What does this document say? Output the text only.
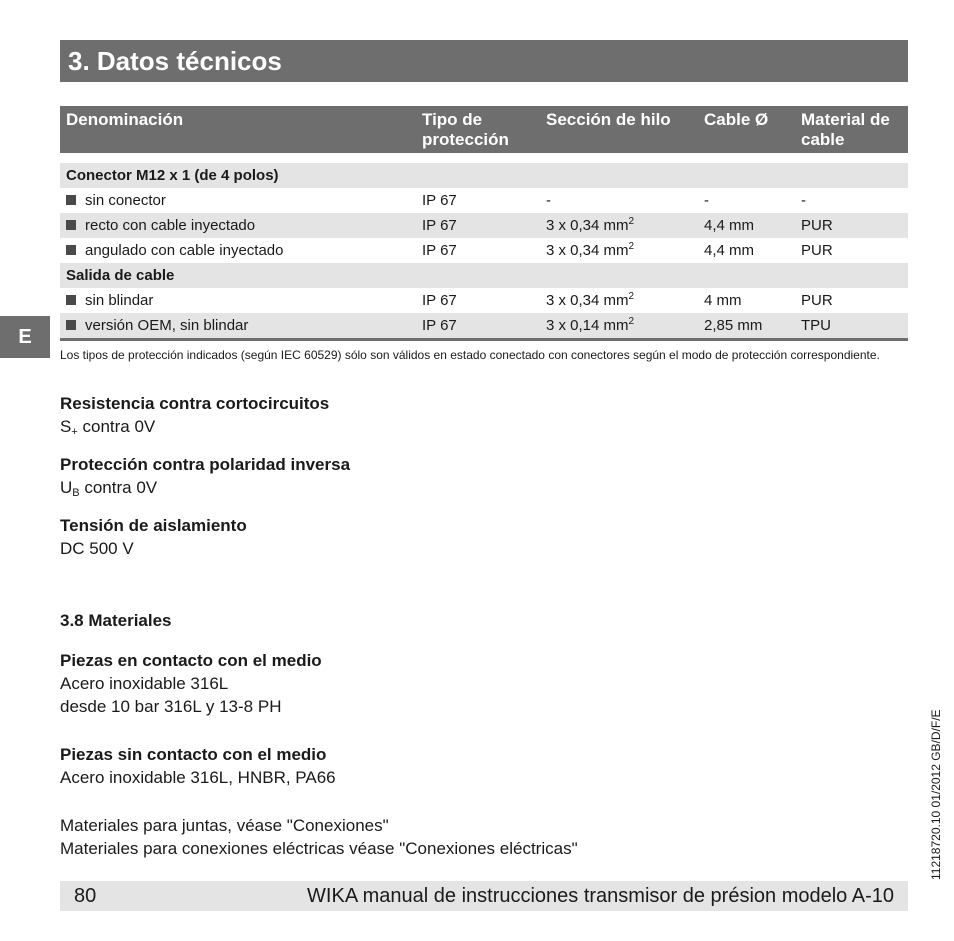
3. Datos técnicos
Denominación	Tipo de protección	Sección de hilo	Cable Ø	Material de cable

Conector M12 x 1 (de 4 polos)				
sin conector	IP 67	-	-	-
recto con cable inyectado	IP 67	3 x 0,34 $mm^2$	4,4 mm	PUR
angulado con cable inyectado	IP 67	3 x 0,34 $mm^2$	4,4 mm	PUR
Salida de cable				
sin blindar	IP 67	3 x 0,34 $mm^2$	4 mm	PUR
versión OEM, sin blindar	IP 67	3 x 0,14 $mm^2$	2,85 mm	TPU
E
Los tipos de protección indicados (según IEC 60529) sólo son válidos en estado conectado con conectores según el modo de protección correspondiente.
Resistencia contra cortocircuitos
$S_+$ contra 0V
Protección contra polaridad inversa
$U_B$ contra 0V
Tensión de aislamiento
DC 500 V
3.8 Materiales
Piezas en contacto con el medio
Acero inoxidable 316L
desde 10 bar 316L y 13-8 PH
Piezas sin contacto con el medio
Acero inoxidable 316L, HNBR, PA66
Materiales para juntas, véase "Conexiones"
Materiales para conexiones eléctricas véase "Conexiones eléctricas"	11218720.10 01/2012 GB/D/F/E
80	WIKA manual de instrucciones transmisor de présion modelo A-10
